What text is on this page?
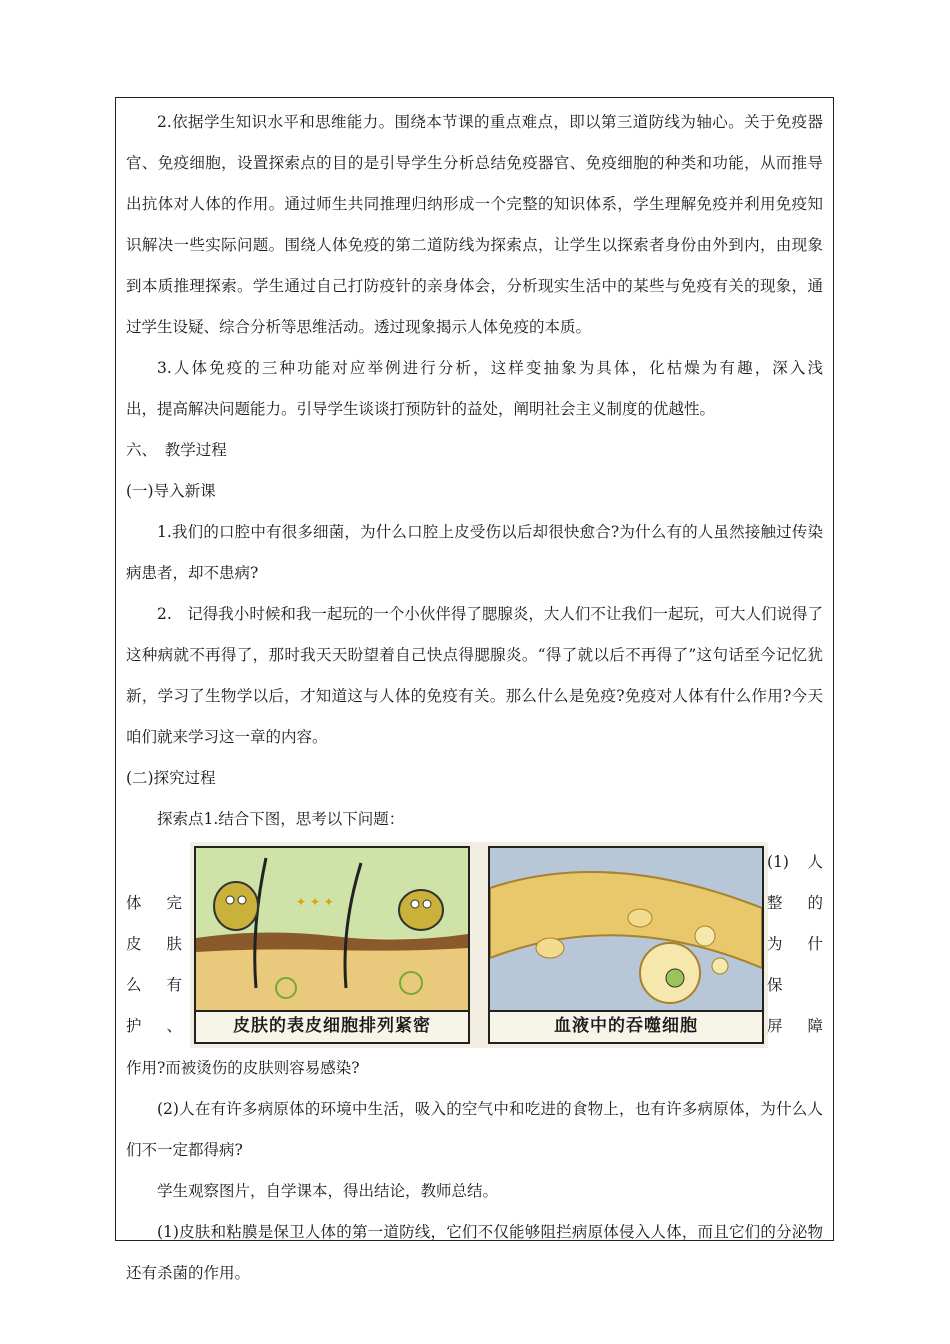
2.依据学生知识水平和思维能力。围绕本节课的重点难点，即以第三道防线为轴心。关于免疫器官、免疫细胞，设置探索点的目的是引导学生分析总结免疫器官、免疫细胞的种类和功能，从而推导出抗体对人体的作用。通过师生共同推理归纳形成一个完整的知识体系，学生理解免疫并利用免疫知识解决一些实际问题。围绕人体免疫的第二道防线为探索点，让学生以探索者身份由外到内，由现象到本质推理探索。学生通过自己打防疫针的亲身体会，分析现实生活中的某些与免疫有关的现象，通过学生设疑、综合分析等思维活动。透过现象揭示人体免疫的本质。

3.人体免疫的三种功能对应举例进行分析，这样变抽象为具体，化枯燥为有趣，深入浅

出，提高解决问题能力。引导学生谈谈打预防针的益处，阐明社会主义制度的优越性。

六、　教学过程

(一)导入新课

1.我们的口腔中有很多细菌，为什么口腔上皮受伤以后却很快愈合?为什么有的人虽然接触过传染病患者，却不患病?

2.　记得我小时候和我一起玩的一个小伙伴得了腮腺炎，大人们不让我们一起玩，可大人们说得了这种病就不再得了，那时我天天盼望着自己快点得腮腺炎。“得了就以后不再得了”这句话至今记忆犹新，学习了生物学以后，才知道这与人体的免疫有关。那么什么是免疫?免疫对人体有什么作用?今天咱们就来学习这一章的内容。

(二)探究过程

探索点1.结合下图，思考以下问题：

体　完

皮　肤

么　有

护　、

✦ ✦ ✦
皮肤的表皮细胞排列紧密	血液中的吞噬细胞

(1) 人

整　的

为　什

保

屏　障

作用?而被烫伤的皮肤则容易感染?

(2)人在有许多病原体的环境中生活，吸入的空气中和吃进的食物上，也有许多病原体，为什么人们不一定都得病?

学生观察图片，自学课本，得出结论，教师总结。

(1)皮肤和粘膜是保卫人体的第一道防线，它们不仅能够阻拦病原体侵入人体，而且它们的分泌物还有杀菌的作用。
